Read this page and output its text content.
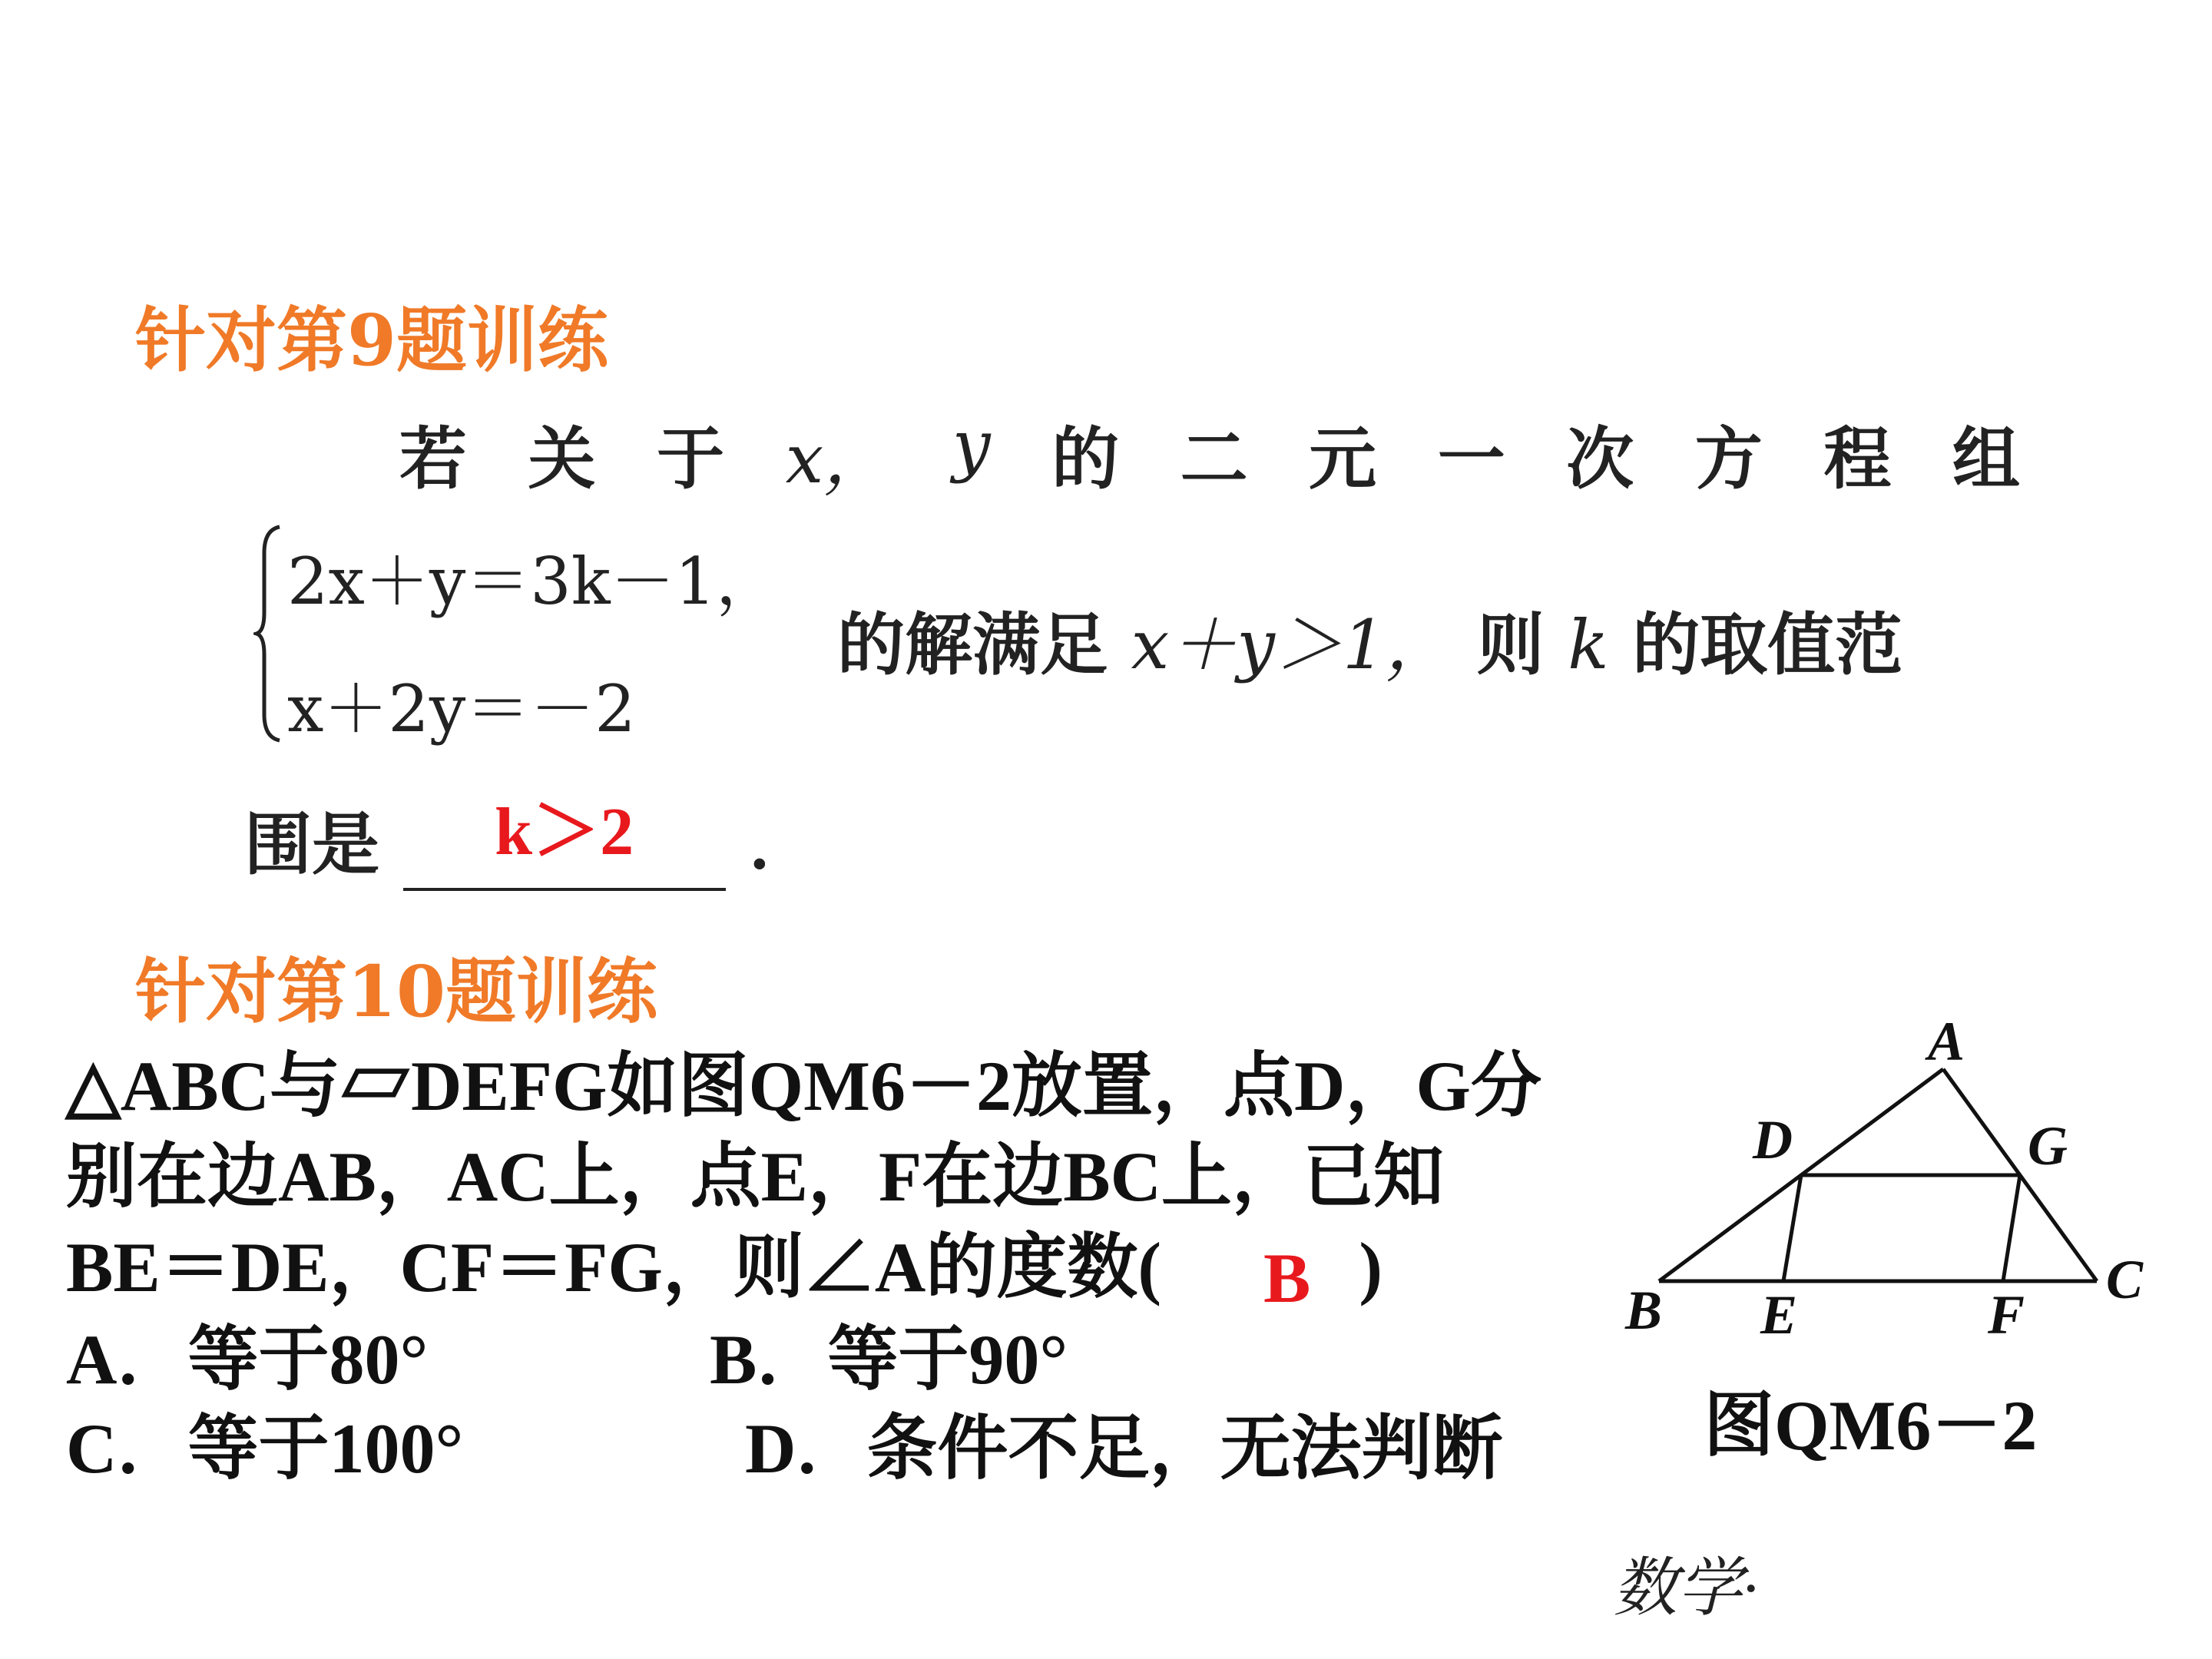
针对第9题训练
若 关 于 x， y 的 二 元 一 次 方 程 组
2x＋y＝3k－1，
x＋2y＝－2
的解满足 x＋y＞1， 则 k 的取值范
围是 k＞2 ．
针对第10题训练
△ABC与▱DEFG如图QM6－2放置，点D，G分
别在边AB，AC上，点E，F在边BC上，已知
BE＝DE，CF＝FG，则∠A的度数( B )
A．等于80°	B．等于90°
C．等于100°	D．条件不足，无法判断
A
B	C
D
E	F
G
图QM6－2
数学·
